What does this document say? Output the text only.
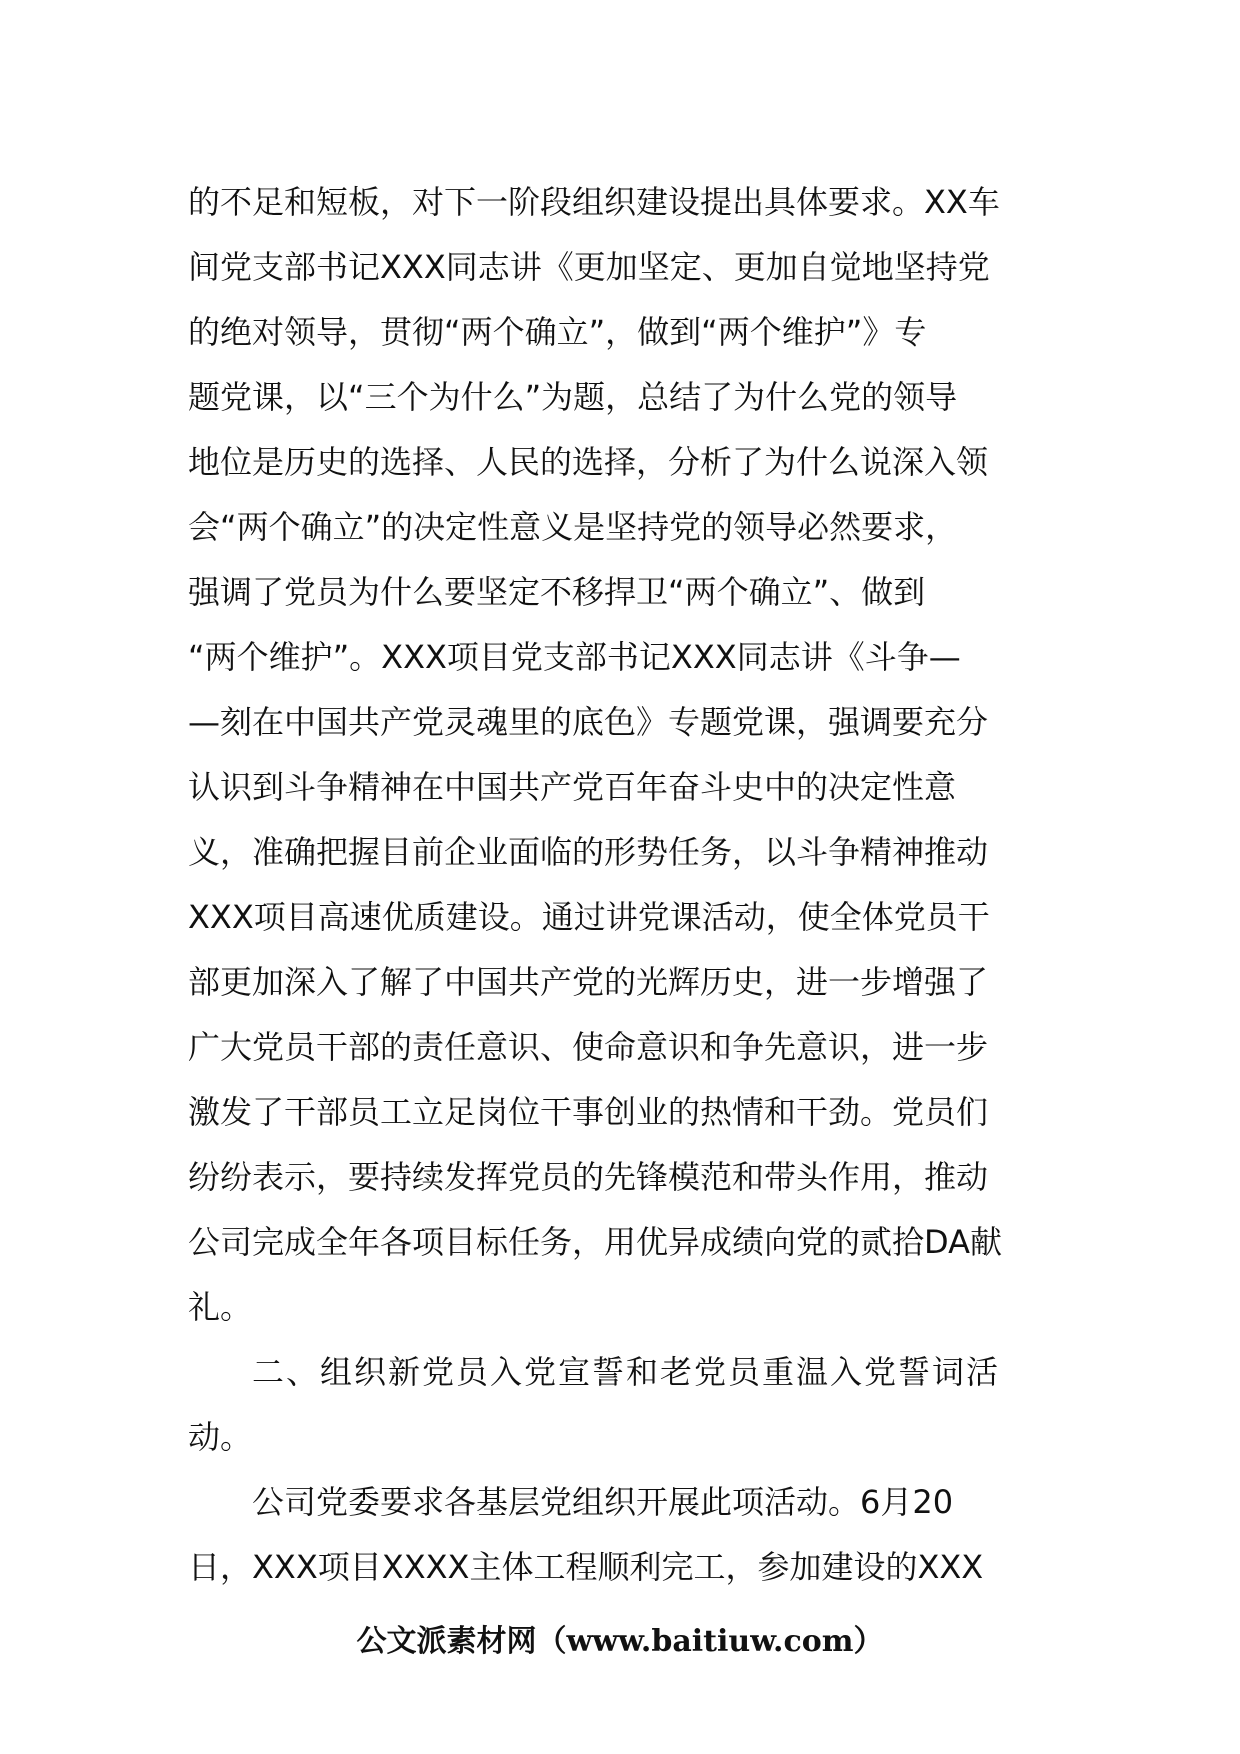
的不足和短板，对下一阶段组织建设提出具体要求。XX车
间党支部书记XXX同志讲《更加坚定、更加自觉地坚持党
的绝对领导，贯彻“两个确立”，做到“两个维护”》专
题党课，以“三个为什么”为题，总结了为什么党的领导
地位是历史的选择、人民的选择，分析了为什么说深入领
会“两个确立”的决定性意义是坚持党的领导必然要求，
强调了党员为什么要坚定不移捍卫“两个确立”、做到
“两个维护”。XXX项目党支部书记XXX同志讲《斗争—
—刻在中国共产党灵魂里的底色》专题党课，强调要充分
认识到斗争精神在中国共产党百年奋斗史中的决定性意
义，准确把握目前企业面临的形势任务，以斗争精神推动
XXX项目高速优质建设。通过讲党课活动，使全体党员干
部更加深入了解了中国共产党的光辉历史，进一步增强了
广大党员干部的责任意识、使命意识和争先意识，进一步
激发了干部员工立足岗位干事创业的热情和干劲。党员们
纷纷表示，要持续发挥党员的先锋模范和带头作用，推动
公司完成全年各项目标任务，用优异成绩向党的贰拾DA献
礼。
二、组织新党员入党宣誓和老党员重温入党誓词活
动。
公司党委要求各基层党组织开展此项活动。6月20
日，XXX项目XXXX主体工程顺利完工，参加建设的XXX
公文派素材网（www.baitiuw.com）
